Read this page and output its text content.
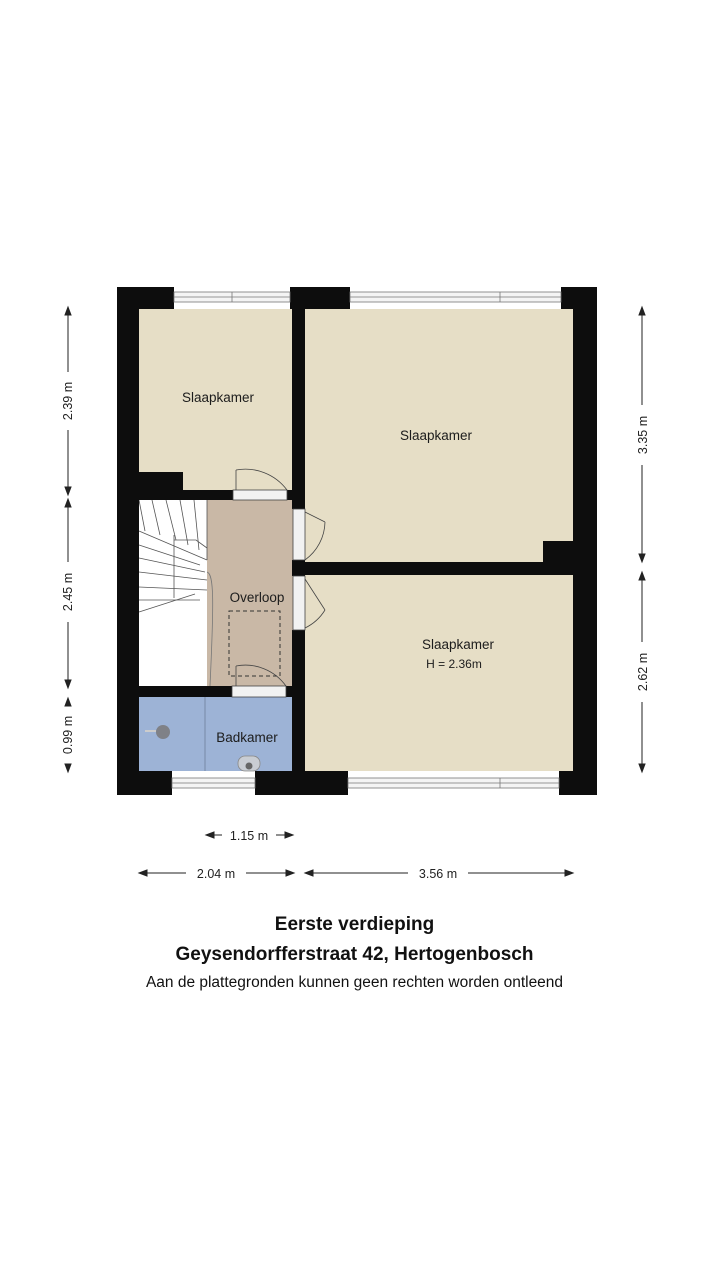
Slaapkamer
Slaapkamer
Overloop
Slaapkamer
H = 2.36m
Badkamer
2.39 m
2.45 m
0.99 m
3.35 m
2.62 m
1.15 m
2.04 m	3.56 m
Eerste verdieping
Geysendorfferstraat 42, Hertogenbosch
Aan de plattegronden kunnen geen rechten worden ontleend
